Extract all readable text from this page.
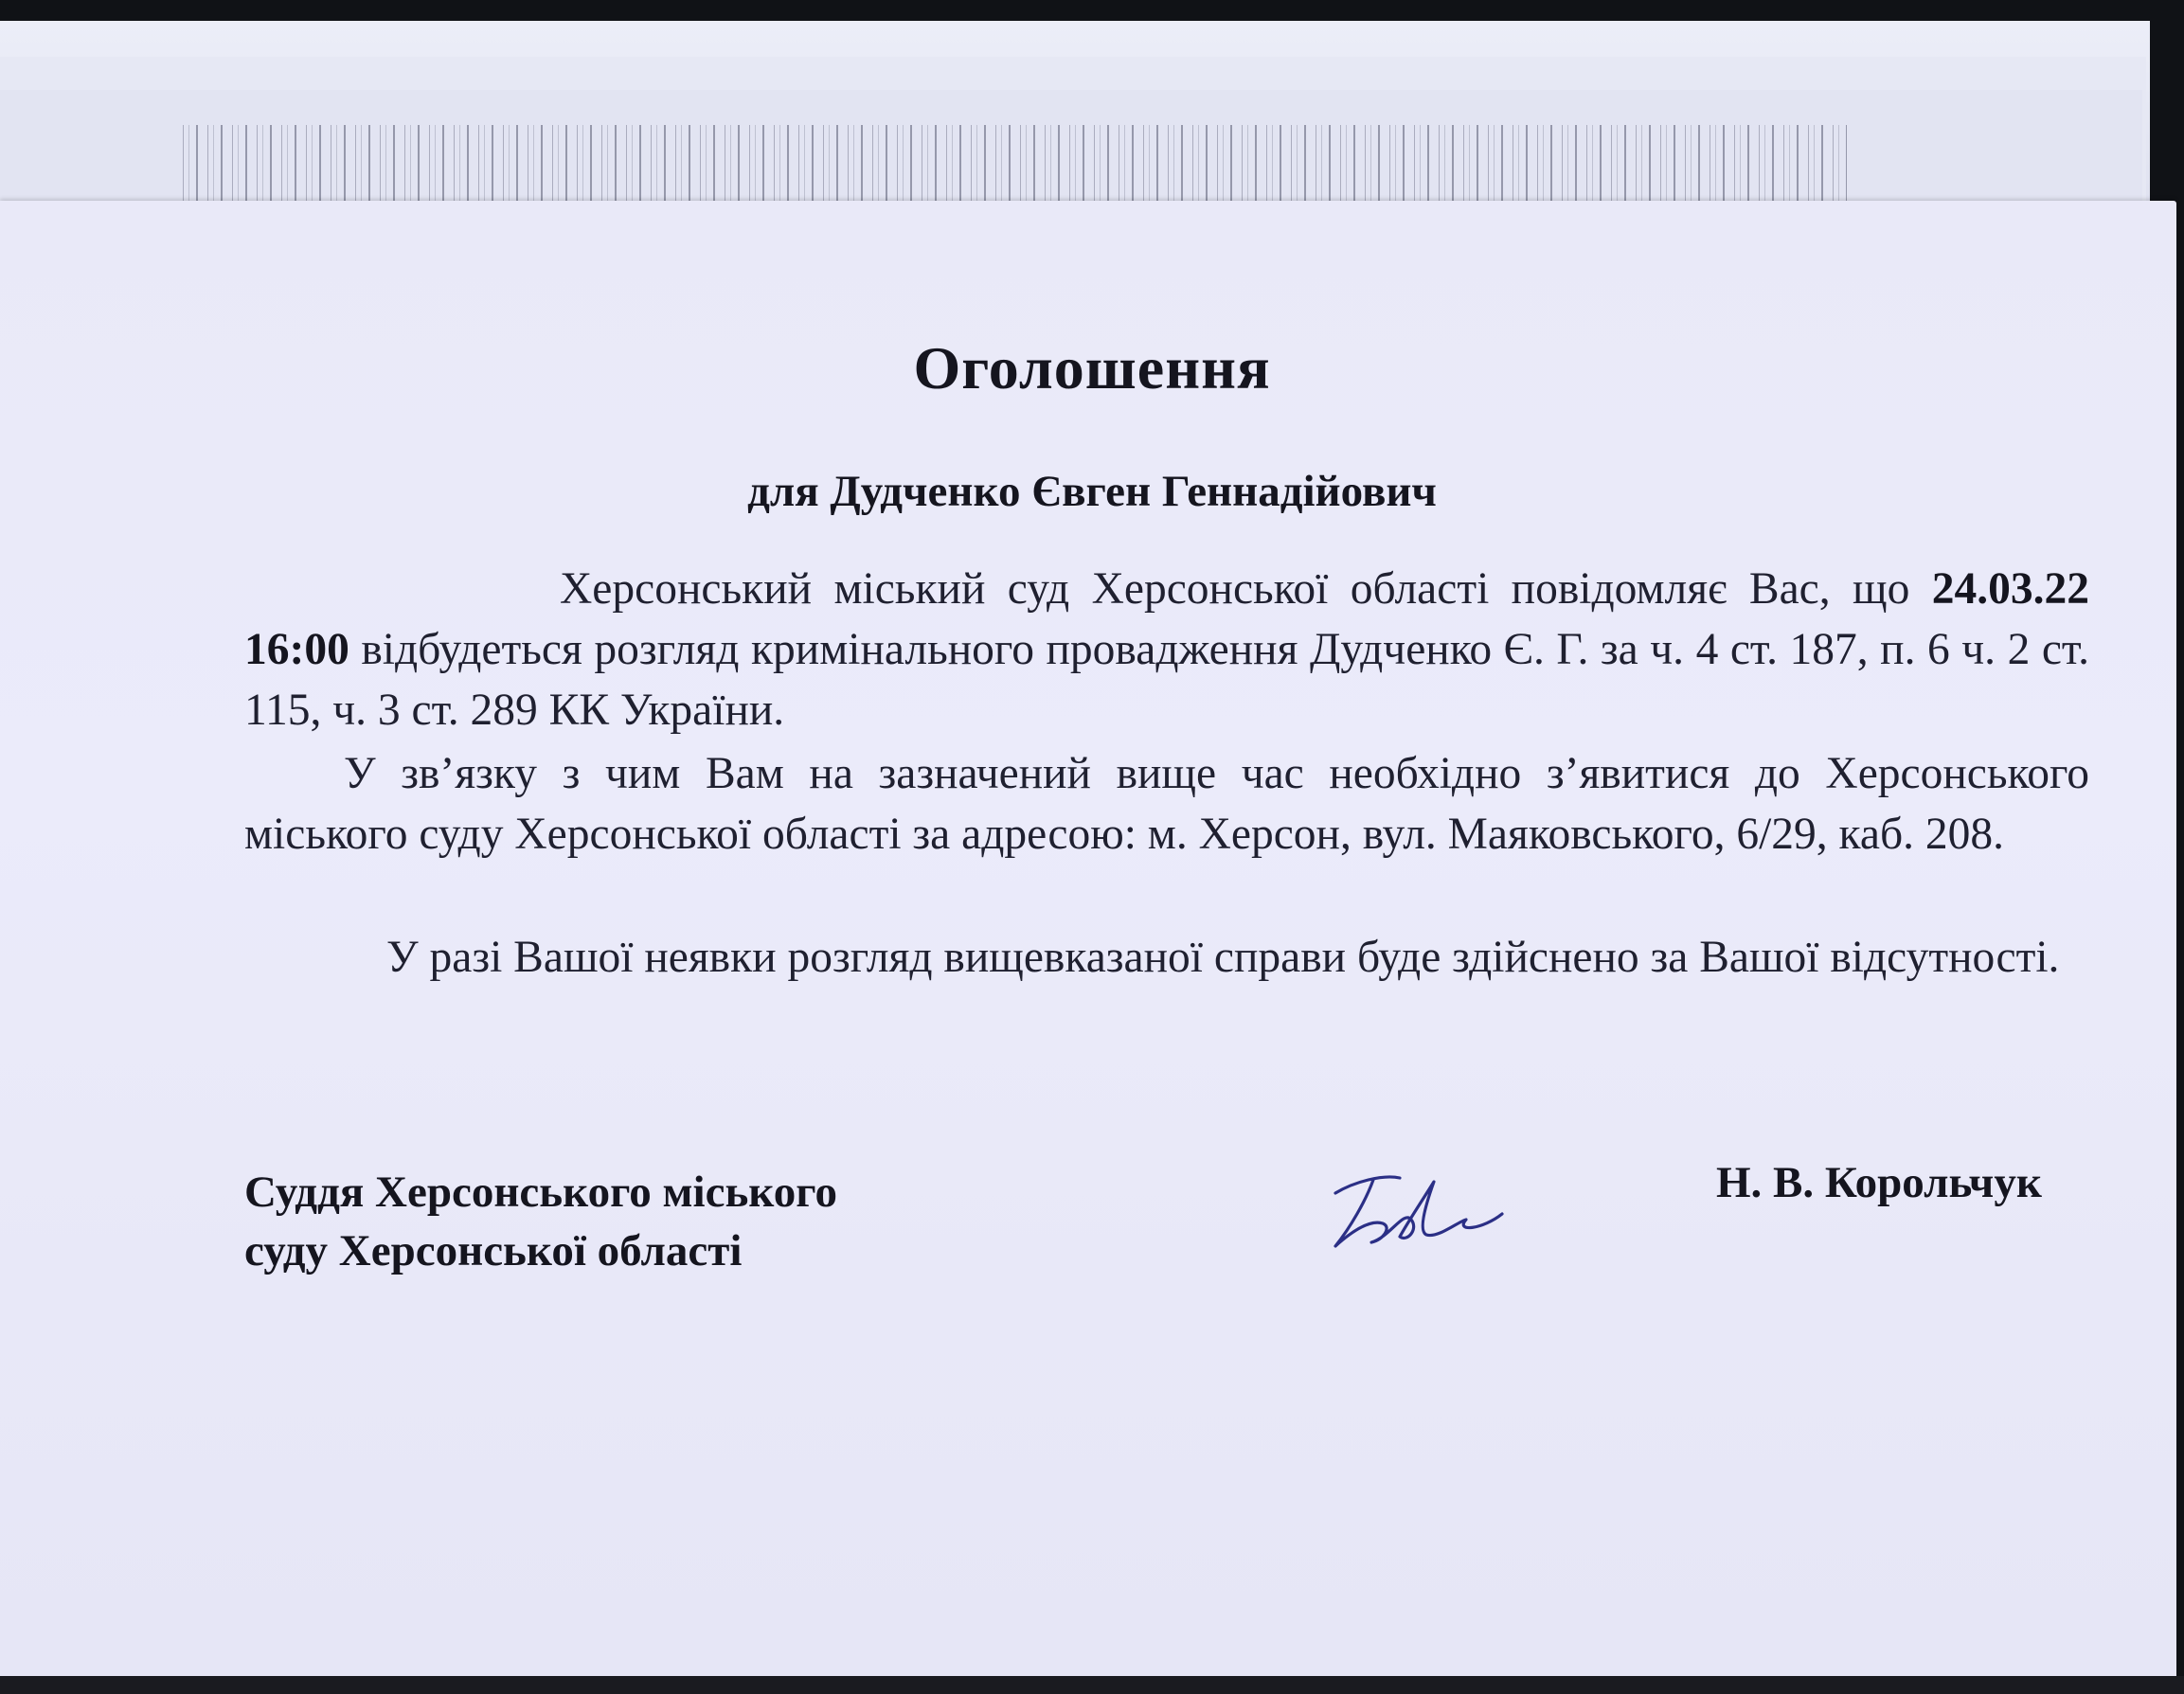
Оголошення
для Дудченко Євген Геннадійович
Херсонський міський суд Херсонської області повідомляє Вас, що 24.03.22 16:00 відбудеться розгляд кримінального провадження Дудченко Є. Г. за ч. 4 ст. 187, п. 6 ч. 2 ст. 115, ч. 3 ст. 289 КК України.
У зв’язку з чим Вам на зазначений вище час необхідно з’явитися до Херсонського міського суду Херсонської області за адресою: м. Херсон, вул. Маяковського, 6/29, каб. 208.
У разі Вашої неявки розгляд вищевказаної справи буде здійснено за Вашої відсутності.
Суддя Херсонського міського
суду Херсонської області
Н. В. Корольчук
